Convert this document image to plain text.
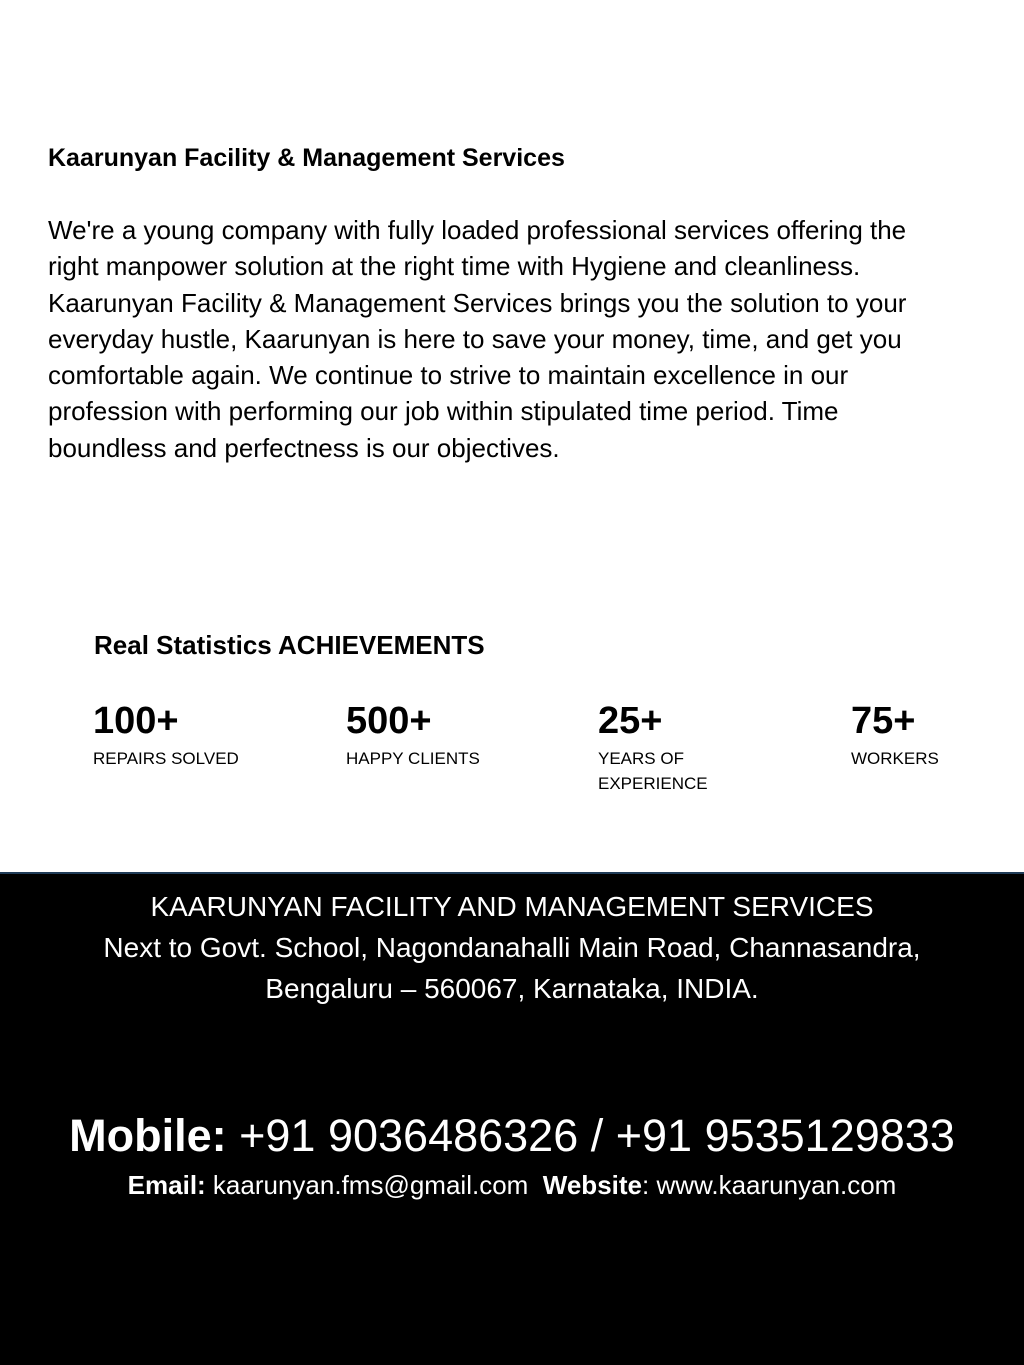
Kaarunyan Facility & Management Services

We're a young company with fully loaded professional services offering the right manpower solution at the right time with Hygiene and cleanliness. Kaarunyan Facility & Management Services brings you the solution to your everyday hustle, Kaarunyan is here to save your money, time, and get you comfortable again. We continue to strive to maintain excellence in our profession with performing our job within stipulated time period. Time boundless and perfectness is our objectives.

Real Statistics ACHIEVEMENTS
100+
REPAIRS SOLVED
500+
HAPPY CLIENTS
25+
YEARS OF EXPERIENCE
75+
WORKERS
KAARUNYAN FACILITY AND MANAGEMENT SERVICES
Next to Govt. School, Nagondanahalli Main Road, Channasandra,
Bengaluru – 560067, Karnataka, INDIA.
Mobile: +91 9036486326 / +91 9535129833
Email: kaarunyan.fms@gmail.com Website: www.kaarunyan.com
